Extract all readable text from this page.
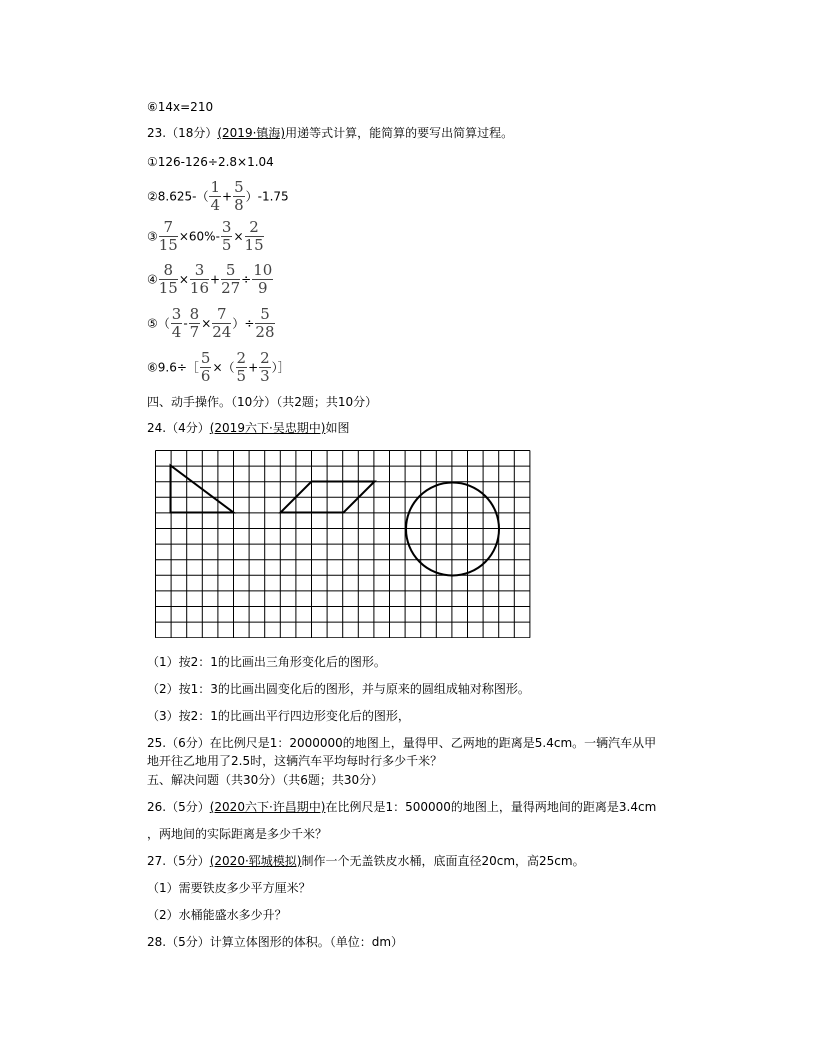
⑥14x=210
23.（18分）(2019·镇海)用递等式计算，能简算的要写出简算过程。
①126-126÷2.8×1.04
②8.625-（ $\frac{1}{4} + \frac{5}{8} )-1.75$
③ $\frac{7}{15} \times 60\%- \frac{3}{5} \times \frac{2}{15}$
④ $\frac{8}{15} \times \frac{3}{16} + \frac{5}{27} \div \frac{10}{9}$
⑤（ $\frac{3}{4} - \frac{8}{7} \times \frac{7}{24}$ ）÷ $\frac{5}{28}$
⑥9.6÷［ $\frac{5}{6}$ ×（ $\frac{2}{5} + \frac{2}{3}$ ）］
四、动手操作。（10分）（共2题；共10分）
24.（4分）(2019六下·吴忠期中)如图
（1）按2：1的比画出三角形变化后的图形。
（2）按1：3的比画出圆变化后的图形，并与原来的圆组成轴对称图形。
（3）按2：1的比画出平行四边形变化后的图形，
25.（6分）在比例尺是1：2000000的地图上，量得甲、乙两地的距离是5.4cm。一辆汽车从甲
地开往乙地用了2.5时，这辆汽车平均每时行多少千米？
五、解决问题（共30分）（共6题；共30分）
26.（5分）(2020六下·许昌期中)在比例尺是1：500000的地图上，量得两地间的距离是3.4cm
，两地间的实际距离是多少千米？
27.（5分）(2020·郓城模拟)制作一个无盖铁皮水桶，底面直径20cm，高25cm。
（1）需要铁皮多少平方厘米？
（2）水桶能盛水多少升？
28.（5分）计算立体图形的体积。（单位：dm）
